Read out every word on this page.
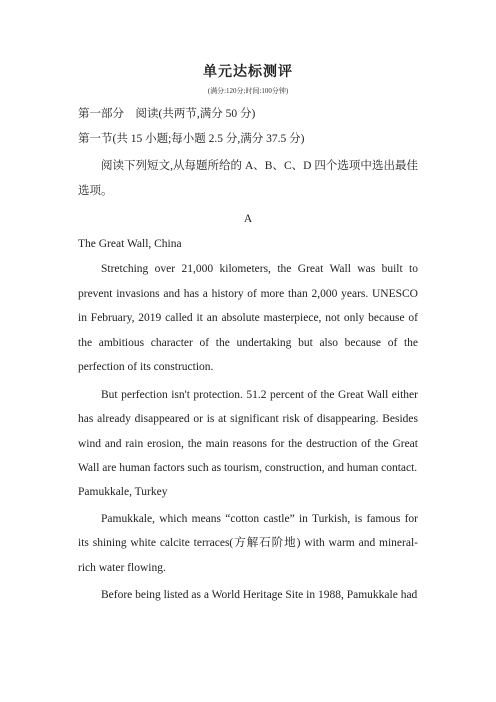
单元达标测评

(满分:120分;时间:100分钟)

第一部分　阅读(共两节,满分 50 分)

第一节(共 15 小题;每小题 2.5 分,满分 37.5 分)

阅读下列短文,从每题所给的 A、B、C、D 四个选项中选出最佳选项。

A

The Great Wall, China

Stretching over 21,000 kilometers, the Great Wall was built to prevent invasions and has a history of more than 2,000 years. UNESCO in February, 2019 called it an absolute masterpiece, not only because of the ambitious character of the undertaking but also because of the perfection of its construction.

But perfection isn't protection. 51.2 percent of the Great Wall either has already disappeared or is at significant risk of disappearing. Besides wind and rain erosion, the main reasons for the destruction of the Great Wall are human factors such as tourism, construction, and human contact.

Pamukkale, Turkey

Pamukkale, which means “cotton castle” in Turkish, is famous for its shining white calcite terraces(方解石阶地) with warm and mineral-rich water flowing.

Before being listed as a World Heritage Site in 1988, Pamukkale had
